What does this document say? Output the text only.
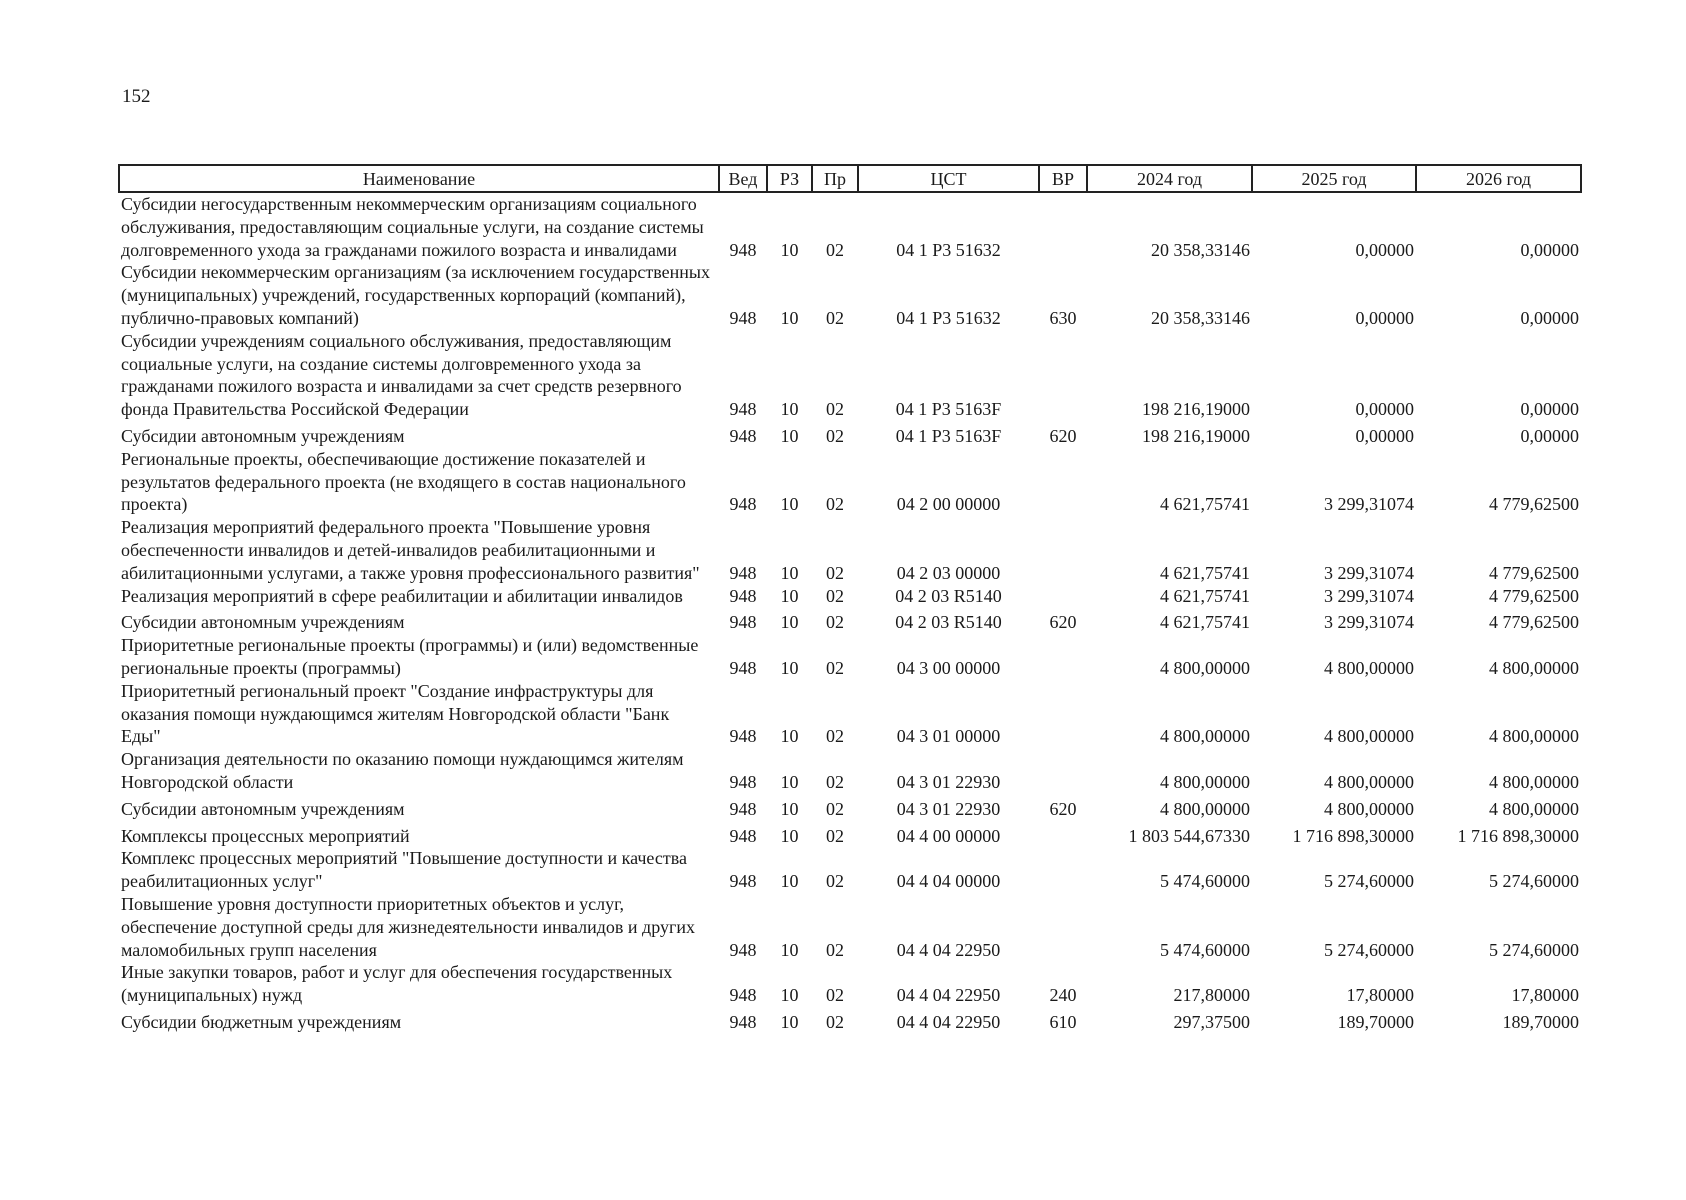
152
Наименование	Вед	РЗ	Пр	ЦСТ	ВР	2024 год	2025 год	2026 год
Субсидии негосударственным некоммерческим организациям социального обслуживания, предоставляющим социальные услуги, на создание системы долговременного ухода за гражданами пожилого возраста и инвалидами	948	10	02	04 1 Р3 51632		20 358,33146	0,00000	0,00000
Субсидии некоммерческим организациям (за исключением государственных (муниципальных) учреждений, государственных корпораций (компаний), публично-правовых компаний)	948	10	02	04 1 Р3 51632	630	20 358,33146	0,00000	0,00000
Субсидии учреждениям социального обслуживания, предоставляющим социальные услуги, на создание системы долговременного ухода за гражданами пожилого возраста и инвалидами за счет средств резервного фонда Правительства Российской Федерации	948	10	02	04 1 Р3 5163F		198 216,19000	0,00000	0,00000
Субсидии автономным учреждениям	948	10	02	04 1 Р3 5163F	620	198 216,19000	0,00000	0,00000
Региональные проекты, обеспечивающие достижение показателей и результатов федерального проекта (не входящего в состав национального проекта)	948	10	02	04 2 00 00000		4 621,75741	3 299,31074	4 779,62500
Реализация мероприятий федерального проекта "Повышение уровня обеспеченности инвалидов и детей-инвалидов реабилитационными и абилитационными услугами, а также уровня профессионального развития"	948	10	02	04 2 03 00000		4 621,75741	3 299,31074	4 779,62500
Реализация мероприятий в сфере реабилитации и абилитации инвалидов	948	10	02	04 2 03 R5140		4 621,75741	3 299,31074	4 779,62500
Субсидии автономным учреждениям	948	10	02	04 2 03 R5140	620	4 621,75741	3 299,31074	4 779,62500
Приоритетные региональные проекты (программы) и (или) ведомственные региональные проекты (программы)	948	10	02	04 3 00 00000		4 800,00000	4 800,00000	4 800,00000
Приоритетный региональный проект "Создание инфраструктуры для оказания помощи нуждающимся жителям Новгородской области "Банк Еды"	948	10	02	04 3 01 00000		4 800,00000	4 800,00000	4 800,00000
Организация деятельности по оказанию помощи нуждающимся жителям Новгородской области	948	10	02	04 3 01 22930		4 800,00000	4 800,00000	4 800,00000
Субсидии автономным учреждениям	948	10	02	04 3 01 22930	620	4 800,00000	4 800,00000	4 800,00000
Комплексы процессных мероприятий	948	10	02	04 4 00 00000		1 803 544,67330	1 716 898,30000	1 716 898,30000
Комплекс процессных мероприятий "Повышение доступности и качества реабилитационных услуг"	948	10	02	04 4 04 00000		5 474,60000	5 274,60000	5 274,60000
Повышение уровня доступности приоритетных объектов и услуг, обеспечение доступной среды для жизнедеятельности инвалидов и других маломобильных групп населения	948	10	02	04 4 04 22950		5 474,60000	5 274,60000	5 274,60000
Иные закупки товаров, работ и услуг для обеспечения государственных (муниципальных) нужд	948	10	02	04 4 04 22950	240	217,80000	17,80000	17,80000
Субсидии бюджетным учреждениям	948	10	02	04 4 04 22950	610	297,37500	189,70000	189,70000
